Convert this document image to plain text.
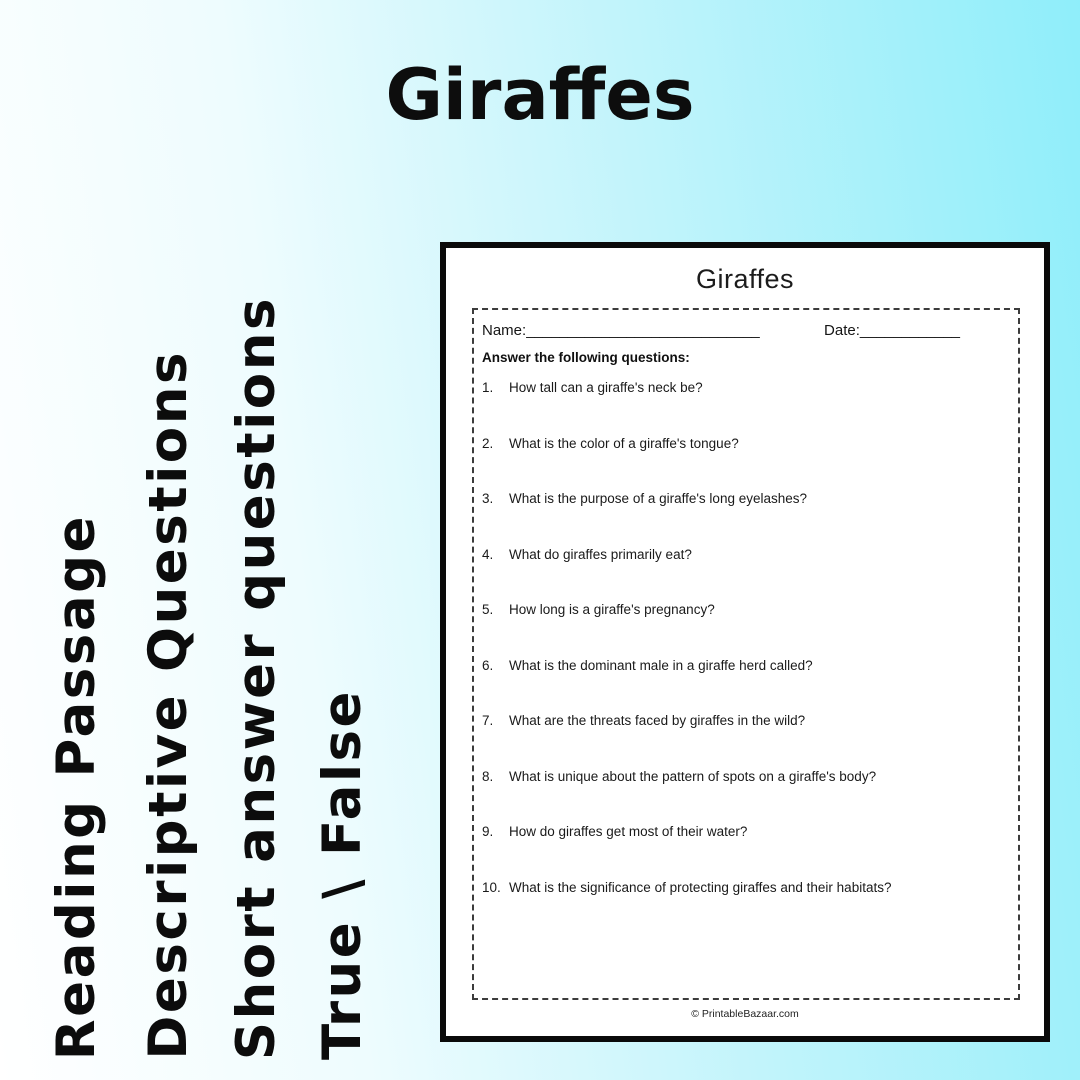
Giraffes
Reading Passage Descriptive Questions Short answer questions True \ False
Giraffes
Name:____________________________	Date:____________
Answer the following questions:
1.	How tall can a giraffe's neck be?
2.	What is the color of a giraffe's tongue?
3.	What is the purpose of a giraffe's long eyelashes?
4.	What do giraffes primarily eat?
5.	How long is a giraffe's pregnancy?
6.	What is the dominant male in a giraffe herd called?
7.	What are the threats faced by giraffes in the wild?
8.	What is unique about the pattern of spots on a giraffe's body?
9.	How do giraffes get most of their water?
10. What is the significance of protecting giraffes and their habitats?
© PrintableBazaar.com
